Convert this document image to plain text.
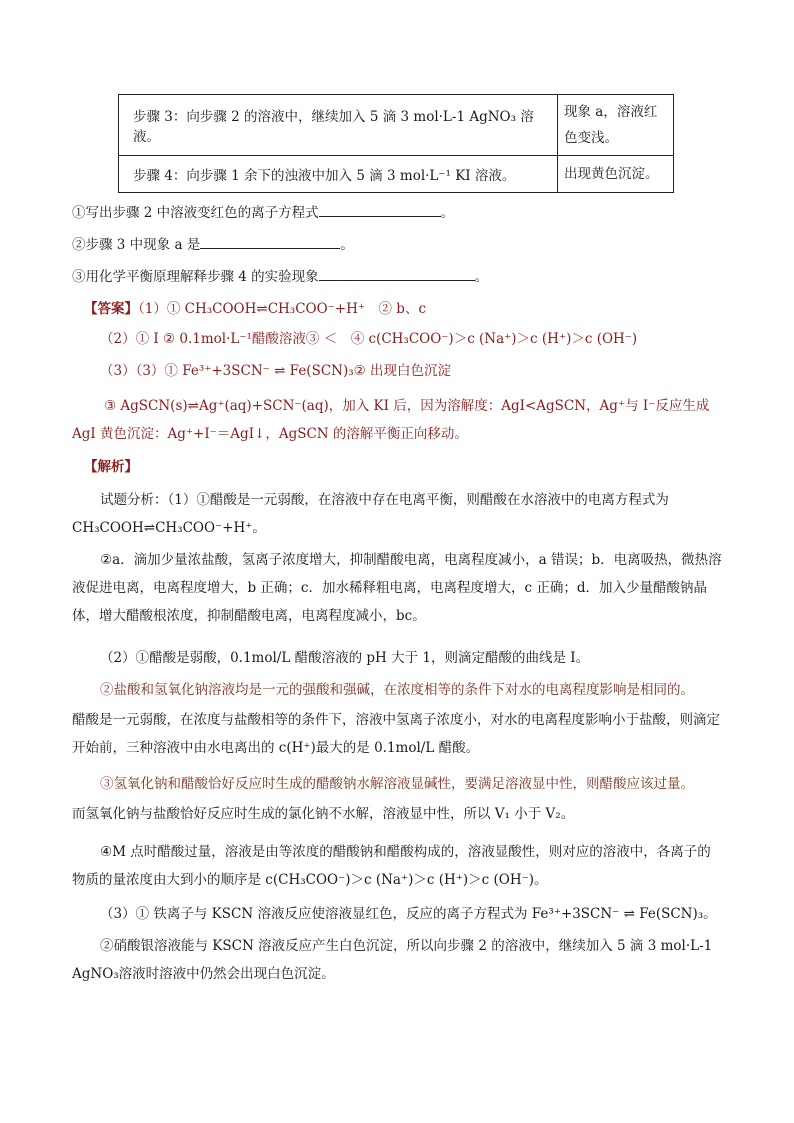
步骤 3：向步骤 2 的溶液中，继续加入 5 滴 3 mol·L-1 AgNO₃ 溶液。	现象 a，溶液红色变浅。
步骤 4：向步骤 1 余下的浊液中加入 5 滴 3 mol·L⁻¹ KI 溶液。	出现黄色沉淀。
①写出步骤 2 中溶液变红色的离子方程式	。
②步骤 3 中现象 a 是	。
③用化学平衡原理解释步骤 4 的实验现象	。
【答案】（1）① CH₃COOH⇌CH₃COO⁻+H⁺　② b、c
（2）① I ② 0.1mol·L⁻¹醋酸溶液③ ＜　④ c(CH₃COO⁻)＞c (Na⁺)＞c (H⁺)＞c (OH⁻)
（3）（3）① Fe³⁺+3SCN⁻ ⇌ Fe(SCN)₃② 出现白色沉淀
③ AgSCN(s)⇌Ag⁺(aq)+SCN⁻(aq)，加入 KI 后，因为溶解度：AgI<AgSCN，Ag⁺与 I⁻反应生成 AgI 黄色沉淀：Ag⁺+I⁻＝AgI↓，AgSCN 的溶解平衡正向移动。
【解析】
试题分析：（1）①醋酸是一元弱酸，在溶液中存在电离平衡，则醋酸在水溶液中的电离方程式为 CH₃COOH⇌CH₃COO⁻+H⁺。
②a．滴加少量浓盐酸，氢离子浓度增大，抑制醋酸电离，电离程度减小，a 错误；b．电离吸热，微热溶液促进电离，电离程度增大，b 正确；c．加水稀释粗电离，电离程度增大，c 正确；d．加入少量醋酸钠晶体，增大醋酸根浓度，抑制醋酸电离，电离程度减小，bc。
（2）①醋酸是弱酸，0.1mol/L 醋酸溶液的 pH 大于 1，则滴定醋酸的曲线是 I。
②盐酸和氢氧化钠溶液均是一元的强酸和强碱，在浓度相等的条件下对水的电离程度影响是相同的。
醋酸是一元弱酸，在浓度与盐酸相等的条件下，溶液中氢离子浓度小，对水的电离程度影响小于盐酸，则滴定开始前，三种溶液中由水电离出的 c(H⁺)最大的是 0.1mol/L 醋酸。
③氢氧化钠和醋酸恰好反应时生成的醋酸钠水解溶液显碱性，要满足溶液显中性，则醋酸应该过量。
而氢氧化钠与盐酸恰好反应时生成的氯化钠不水解，溶液显中性，所以 V₁ 小于 V₂。
④M 点时醋酸过量，溶液是由等浓度的醋酸钠和醋酸构成的，溶液显酸性，则对应的溶液中，各离子的物质的量浓度由大到小的顺序是 c(CH₃COO⁻)＞c (Na⁺)＞c (H⁺)＞c (OH⁻)。
（3）① 铁离子与 KSCN 溶液反应使溶液显红色，反应的离子方程式为 Fe³⁺+3SCN⁻ ⇌ Fe(SCN)₃。
②硝酸银溶液能与 KSCN 溶液反应产生白色沉淀，所以向步骤 2 的溶液中，继续加入 5 滴 3 mol·L-1 AgNO₃溶液时溶液中仍然会出现白色沉淀。
